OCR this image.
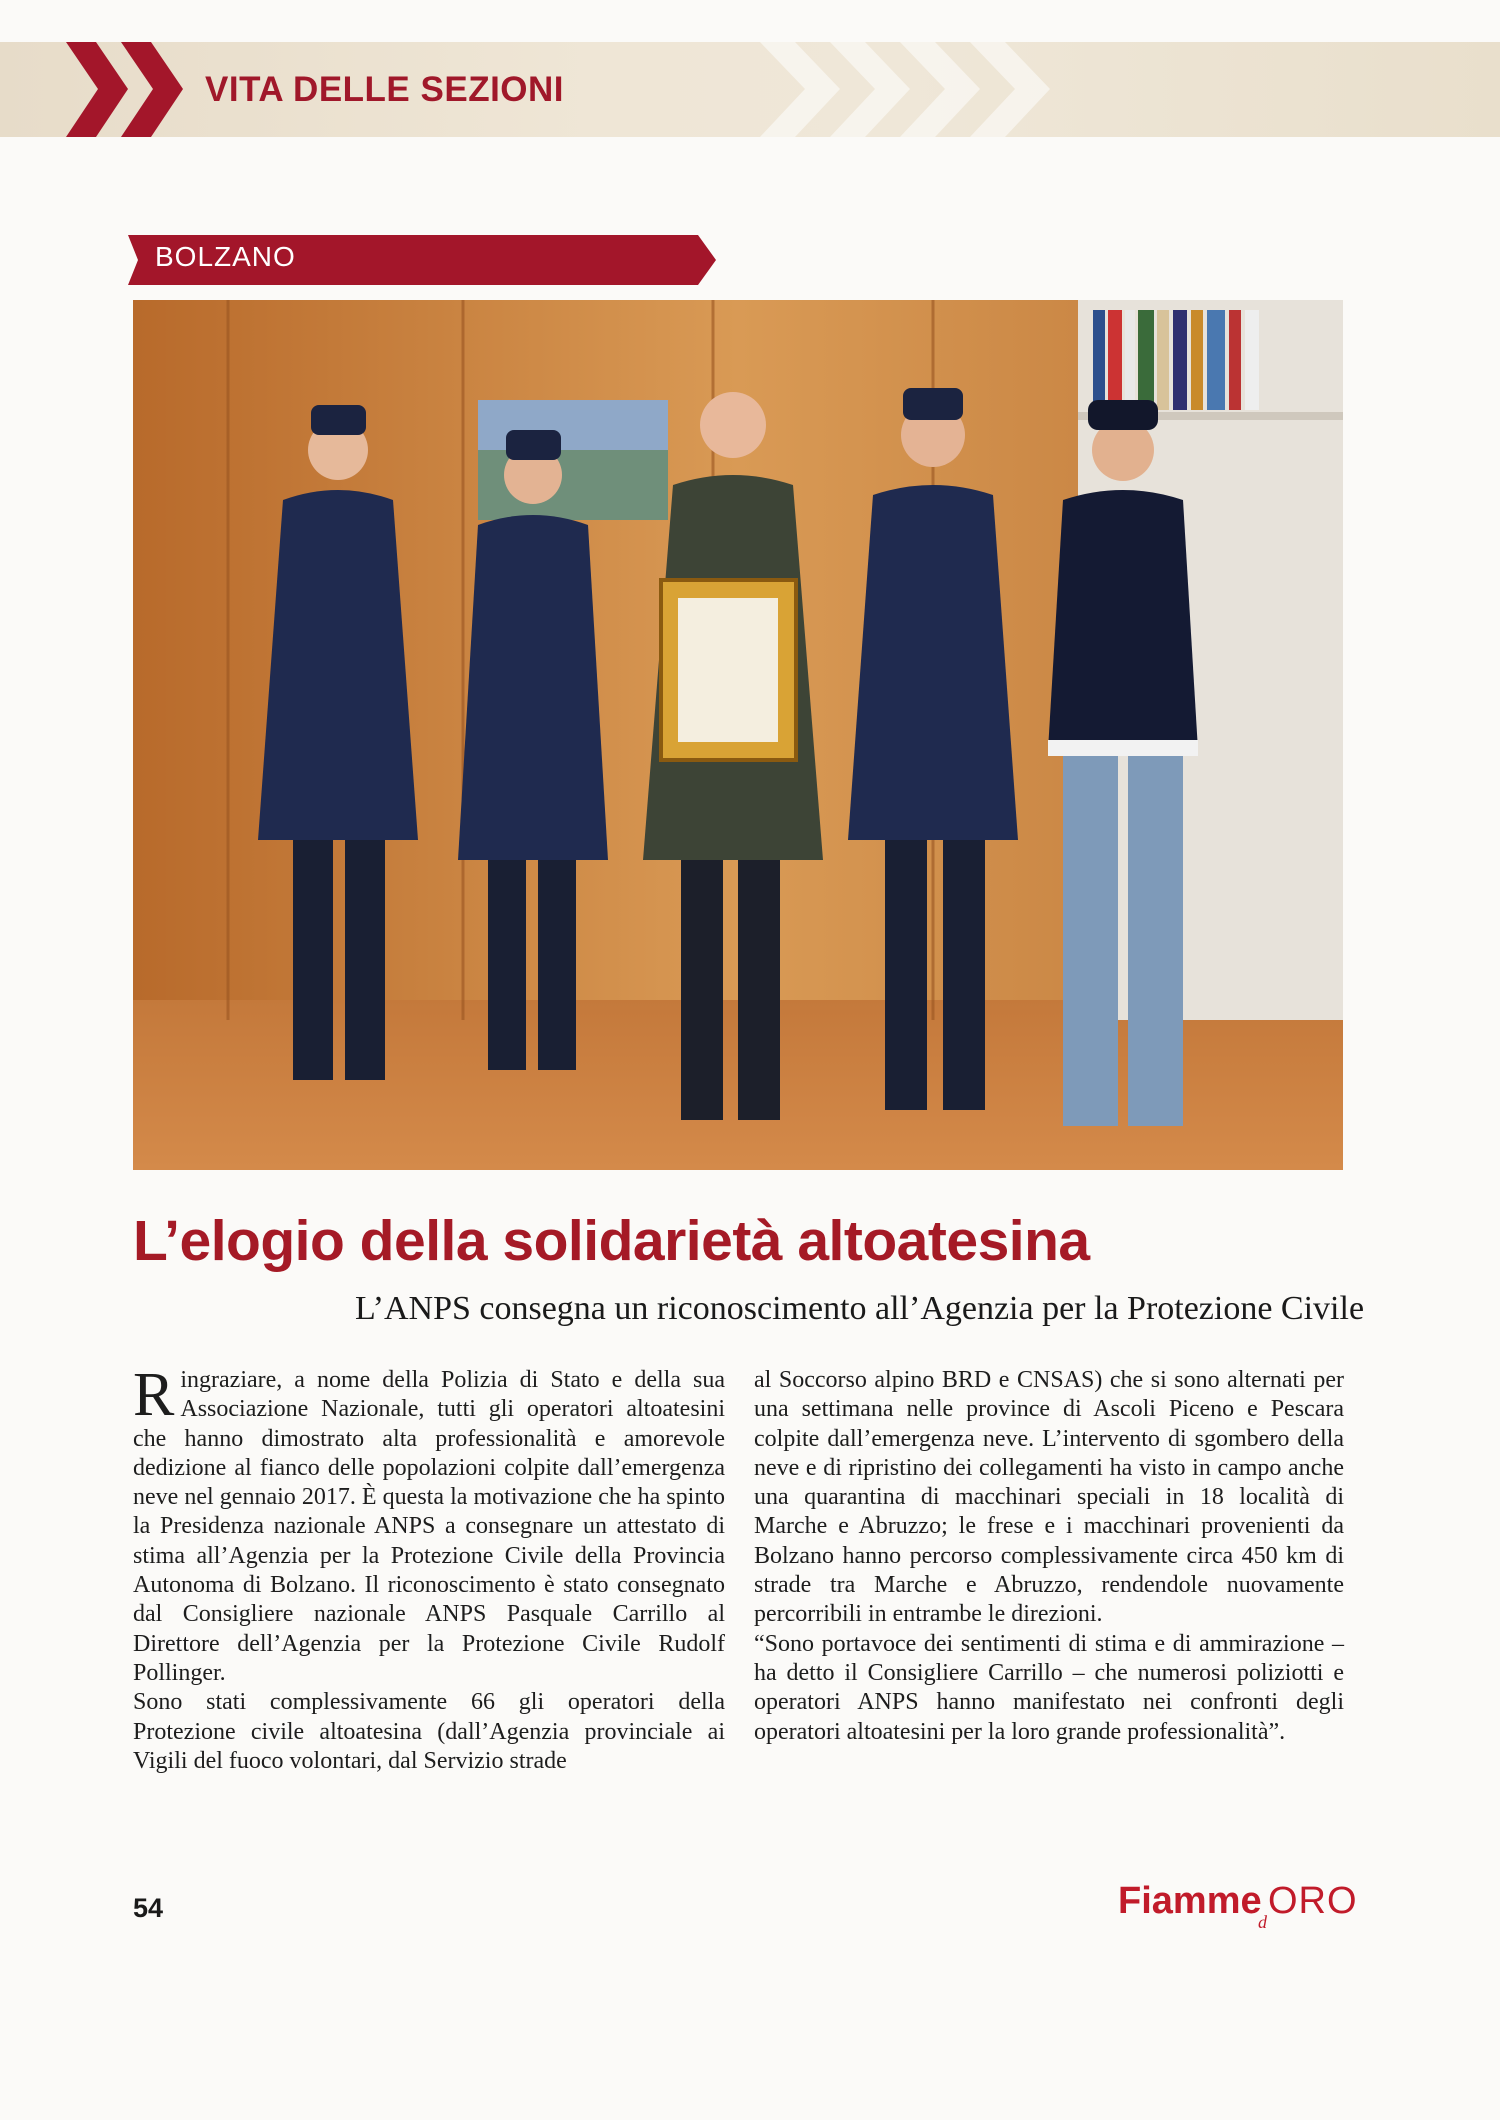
VITA DELLE SEZIONI
BOLZANO
L’elogio della solidarietà altoatesina
L’ANPS consegna un riconoscimento all’Agenzia per la Protezione Civile

Ringraziare, a nome della Polizia di Stato e della sua Associazione Nazionale, tutti gli operatori altoatesini che hanno dimostrato alta professionalità e amorevole dedizione al fianco delle popolazioni colpite dall’emergenza neve nel gennaio 2017. È questa la motivazione che ha spinto la Presidenza nazionale ANPS a consegnare un attestato di stima all’Agenzia per la Protezione Civile della Provincia Autonoma di Bolzano. Il riconoscimento è stato consegnato dal Consigliere nazionale ANPS Pasquale Carrillo al Direttore dell’Agenzia per la Protezione Civile Rudolf Pollinger.

Sono stati complessivamente 66 gli operatori della Protezione civile altoatesina (dall’Agenzia provinciale ai Vigili del fuoco volontari, dal Servizio strade

al Soccorso alpino BRD e CNSAS) che si sono alternati per una settimana nelle province di Ascoli Piceno e Pescara colpite dall’emergenza neve. L’intervento di sgombero della neve e di ripristino dei collegamenti ha visto in campo anche una quarantina di macchinari speciali in 18 località di Marche e Abruzzo; le frese e i macchinari provenienti da Bolzano hanno percorso complessivamente circa 450 km di strade tra Marche e Abruzzo, rendendole nuovamente percorribili in entrambe le direzioni.

“Sono portavoce dei sentimenti di stima e di ammirazione – ha detto il Consigliere Carrillo – che numerosi poliziotti e operatori ANPS hanno manifestato nei confronti degli operatori altoatesini per la loro grande professionalità”.

54	Fiamme
d ORO
